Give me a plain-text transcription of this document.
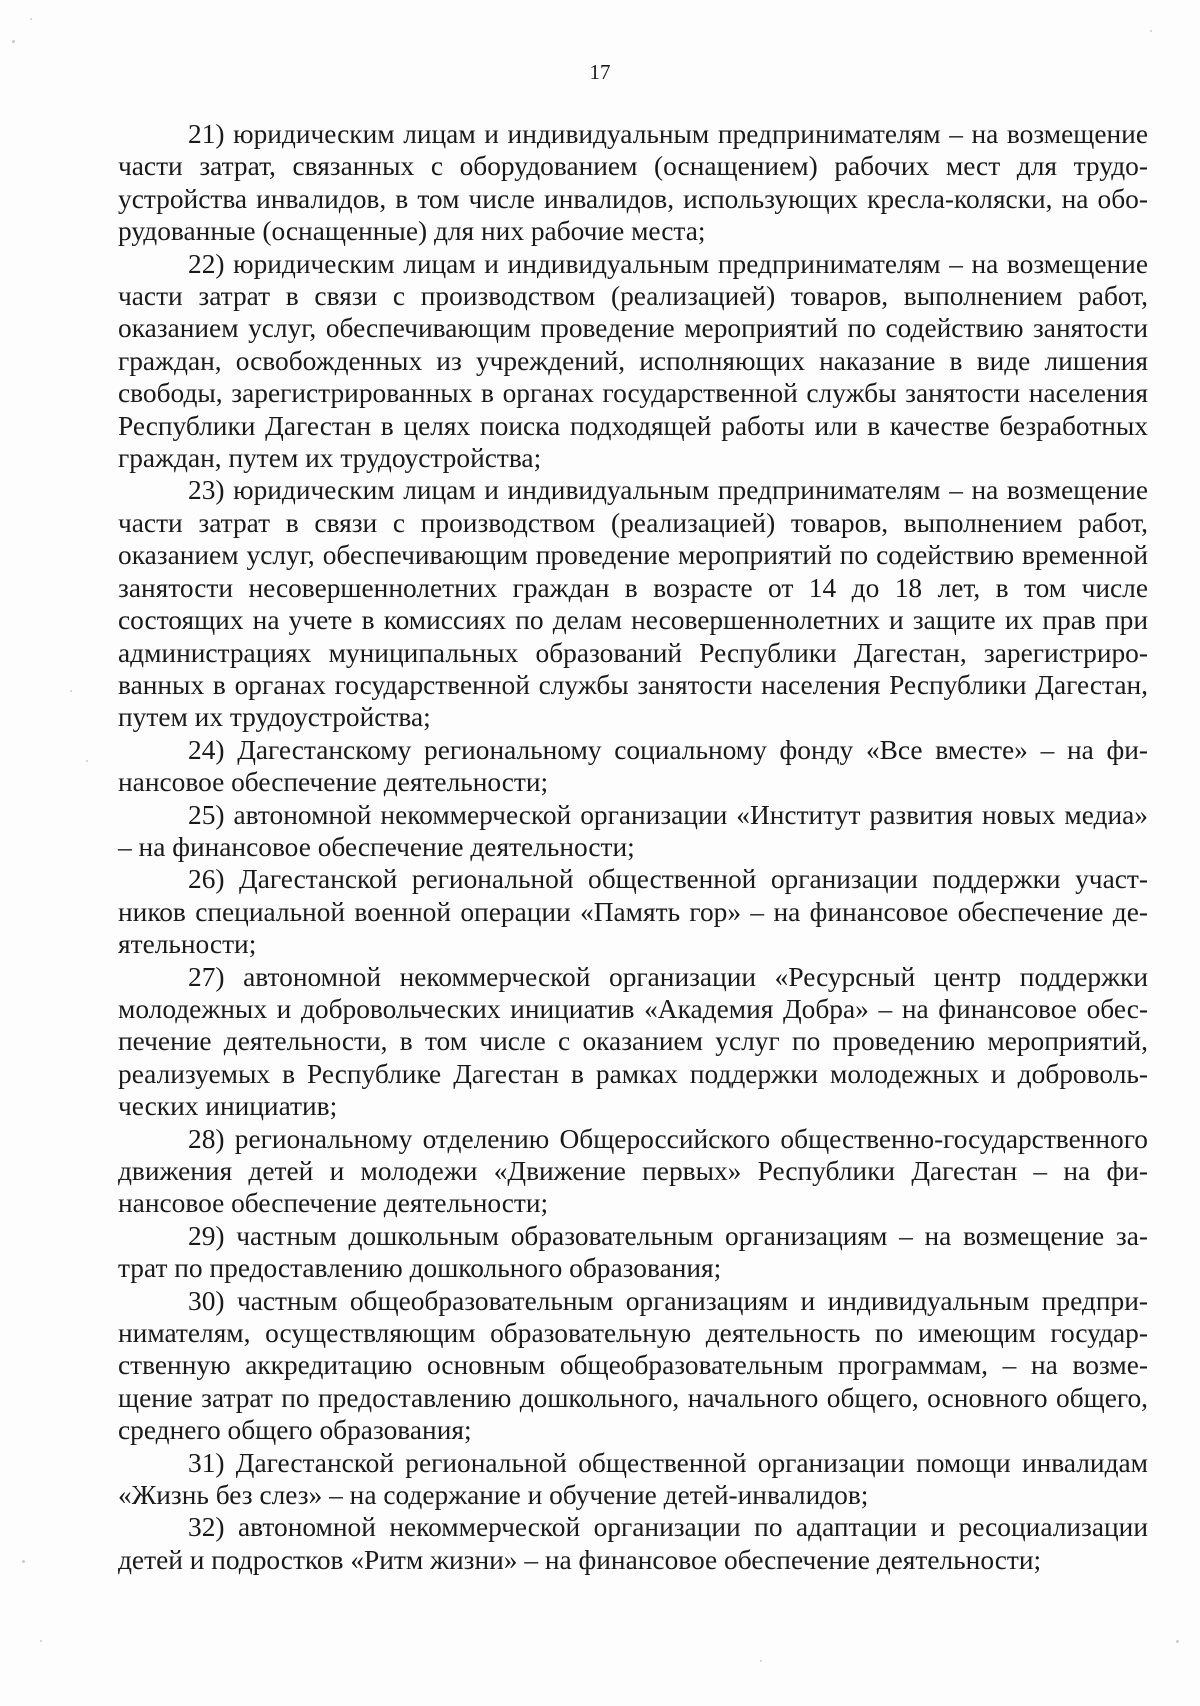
17

21) юридическим лицам и индивидуальным предпринимателям – на возмещение части затрат, связанных с оборудованием (оснащением) рабочих мест для трудоустройства инвалидов, в том числе инвалидов, использующих кресла-коляски, на оборудованные (оснащенные) для них рабочие места;

22) юридическим лицам и индивидуальным предпринимателям – на возмещение части затрат в связи с производством (реализацией) товаров, выполнением работ, оказанием услуг, обеспечивающим проведение мероприятий по содействию занятости граждан, освобожденных из учреждений, исполняющих наказание в виде лишения свободы, зарегистрированных в органах государственной службы занятости населения Республики Дагестан в целях поиска подходящей работы или в качестве безработных граждан, путем их трудоустройства;

23) юридическим лицам и индивидуальным предпринимателям – на возмещение части затрат в связи с производством (реализацией) товаров, выполнением работ, оказанием услуг, обеспечивающим проведение мероприятий по содействию временной занятости несовершеннолетних граждан в возрасте от 14 до 18 лет, в том числе состоящих на учете в комиссиях по делам несовершеннолетних и защите их прав при администрациях муниципальных образований Республики Дагестан, зарегистрированных в органах государственной службы занятости населения Республики Дагестан, путем их трудоустройства;

24) Дагестанскому региональному социальному фонду «Все вместе» – на финансовое обеспечение деятельности;

25) автономной некоммерческой организации «Институт развития новых медиа» – на финансовое обеспечение деятельности;

26) Дагестанской региональной общественной организации поддержки участников специальной военной операции «Память гор» – на финансовое обеспечение деятельности;

27) автономной некоммерческой организации «Ресурсный центр поддержки молодежных и добровольческих инициатив «Академия Добра» – на финансовое обеспечение деятельности, в том числе с оказанием услуг по проведению мероприятий, реализуемых в Республике Дагестан в рамках поддержки молодежных и добровольческих инициатив;

28) региональному отделению Общероссийского общественно-государственного движения детей и молодежи «Движение первых» Республики Дагестан – на финансовое обеспечение деятельности;

29) частным дошкольным образовательным организациям – на возмещение затрат по предоставлению дошкольного образования;

30) частным общеобразовательным организациям и индивидуальным предпринимателям, осуществляющим образовательную деятельность по имеющим государственную аккредитацию основным общеобразовательным программам, – на возмещение затрат по предоставлению дошкольного, начального общего, основного общего, среднего общего образования;

31) Дагестанской региональной общественной организации помощи инвалидам «Жизнь без слез» – на содержание и обучение детей-инвалидов;

32) автономной некоммерческой организации по адаптации и ресоциализации детей и подростков «Ритм жизни» – на финансовое обеспечение деятельности;
